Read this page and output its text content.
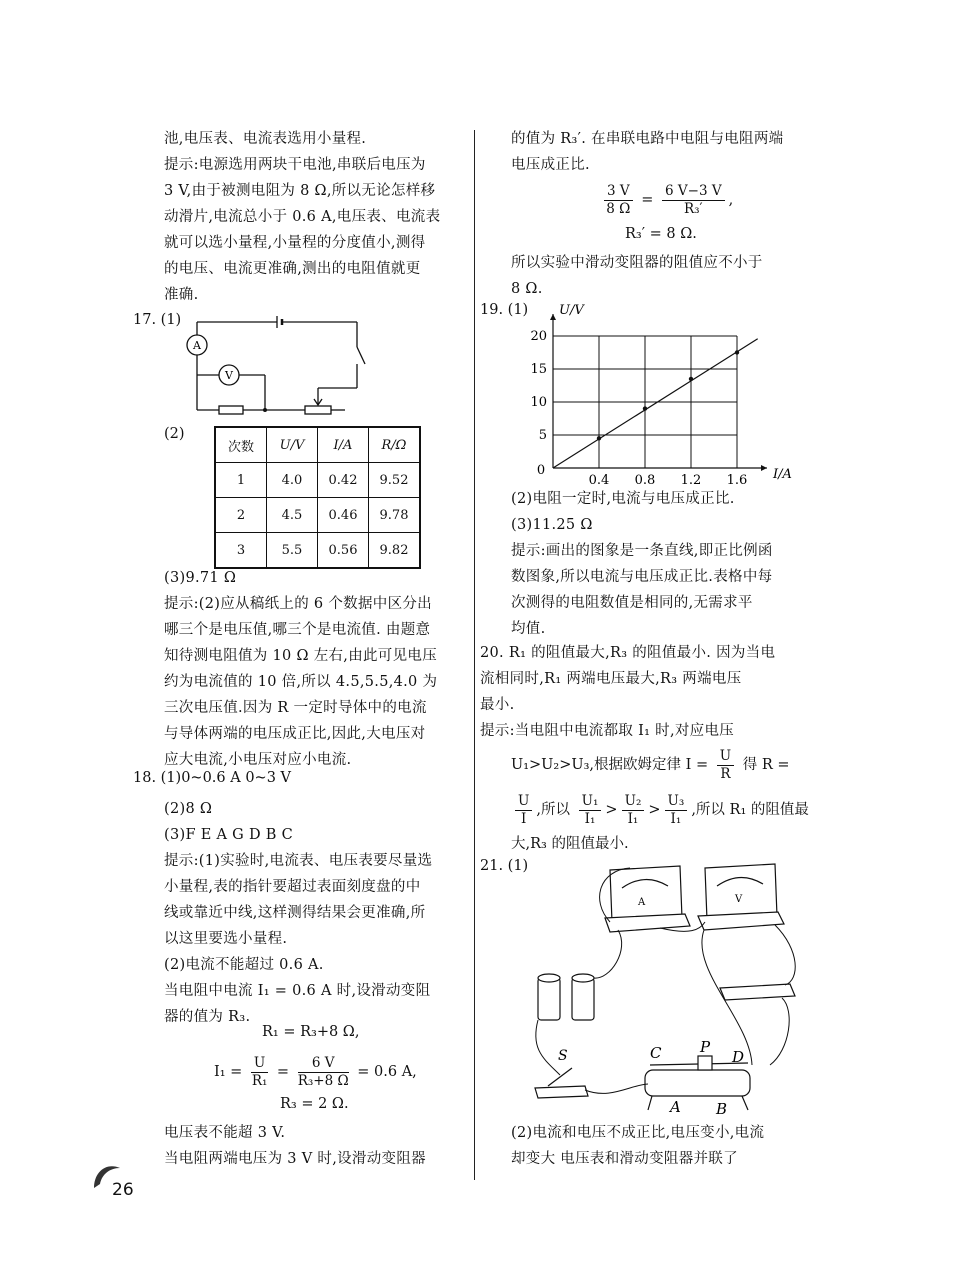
池,电压表、电流表选用小量程.
提示:电源选用两块干电池,串联后电压为
3 V,由于被测电阻为 8 Ω,所以无论怎样移
动滑片,电流总小于 0.6 A,电压表、电流表
就可以选小量程,小量程的分度值小,测得
的电压、电流更准确,测出的电阻值就更
准确.
17. (1)
A
V
(2)
次数	U/V	I/A	R/Ω
1	4.0	0.42	9.52
2	4.5	0.46	9.78
3	5.5	0.56	9.82
(3)9.71 Ω
提示:(2)应从稿纸上的 6 个数据中区分出
哪三个是电压值,哪三个是电流值. 由题意
知待测电阻值为 10 Ω 左右,由此可见电压
约为电流值的 10 倍,所以 4.5,5.5,4.0 为
三次电压值.因为 R 一定时导体中的电流
与导体两端的电压成正比,因此,大电压对
应大电流,小电压对应小电流.
18. (1)0~0.6 A 0~3 V
(2)8 Ω
(3)F E A G D B C
提示:(1)实验时,电流表、电压表要尽量选
小量程,表的指针要超过表面刻度盘的中
线或靠近中线,这样测得结果会更准确,所
以这里要选小量程.
(2)电流不能超过 0.6 A.
当电阻中电流 I₁ = 0.6 A 时,设滑动变阻
器的值为 R₃.
R₁ = R₃+8 Ω,
$I_1 = \frac{U}{\text{R₁}} = \frac{6 V}{\text{R₃+8 Ω}} = 0.6$ A,
R₃ = 2 Ω.
电压表不能超 3 V.
当电阻两端电压为 3 V 时,设滑动变阻器
的值为 R₃′. 在串联电路中电阻与电阻两端
电压成正比.
$\frac{3 V}{8 \Omega} = \frac{6 V-3 V}{\text{R₃′}}$ ,
R₃′ = 8 Ω.
所以实验中滑动变阻器的阻值应不小于
8 Ω.
19. (1)
0.4 0.8 1.2 1.6
5
10
15
20
0	I/A
U/V
(2)电阻一定时,电流与电压成正比.
(3)11.25 Ω
提示:画出的图象是一条直线,即正比例函
数图象,所以电流与电压成正比.表格中每
次测得的电阻数值是相同的,无需求平
均值.
20. R₁ 的阻值最大,R₃ 的阻值最小. 因为当电
流相同时,R₁ 两端电压最大,R₃ 两端电压
最小.
提示:当电阻中电流都取 I₁ 时,对应电压
U₁>U₂>U₃,根据欧姆定律 $I = \frac{U}{R}$ 得 R =
$\frac{U}{I}$ ,所以 $\frac{\text{U₁}}{\text{I₁}} > \frac{\text{U₂}}{\text{I₁}} > \frac{\text{U₃}}{\text{I₁}}$ ,所以 R₁ 的阻值最
大,R₃ 的阻值最小.
21. (1)
A	V
S	C	P
D
A B
(2)电流和电压不成正比,电压变小,电流
却变大 电压表和滑动变阻器并联了
26
